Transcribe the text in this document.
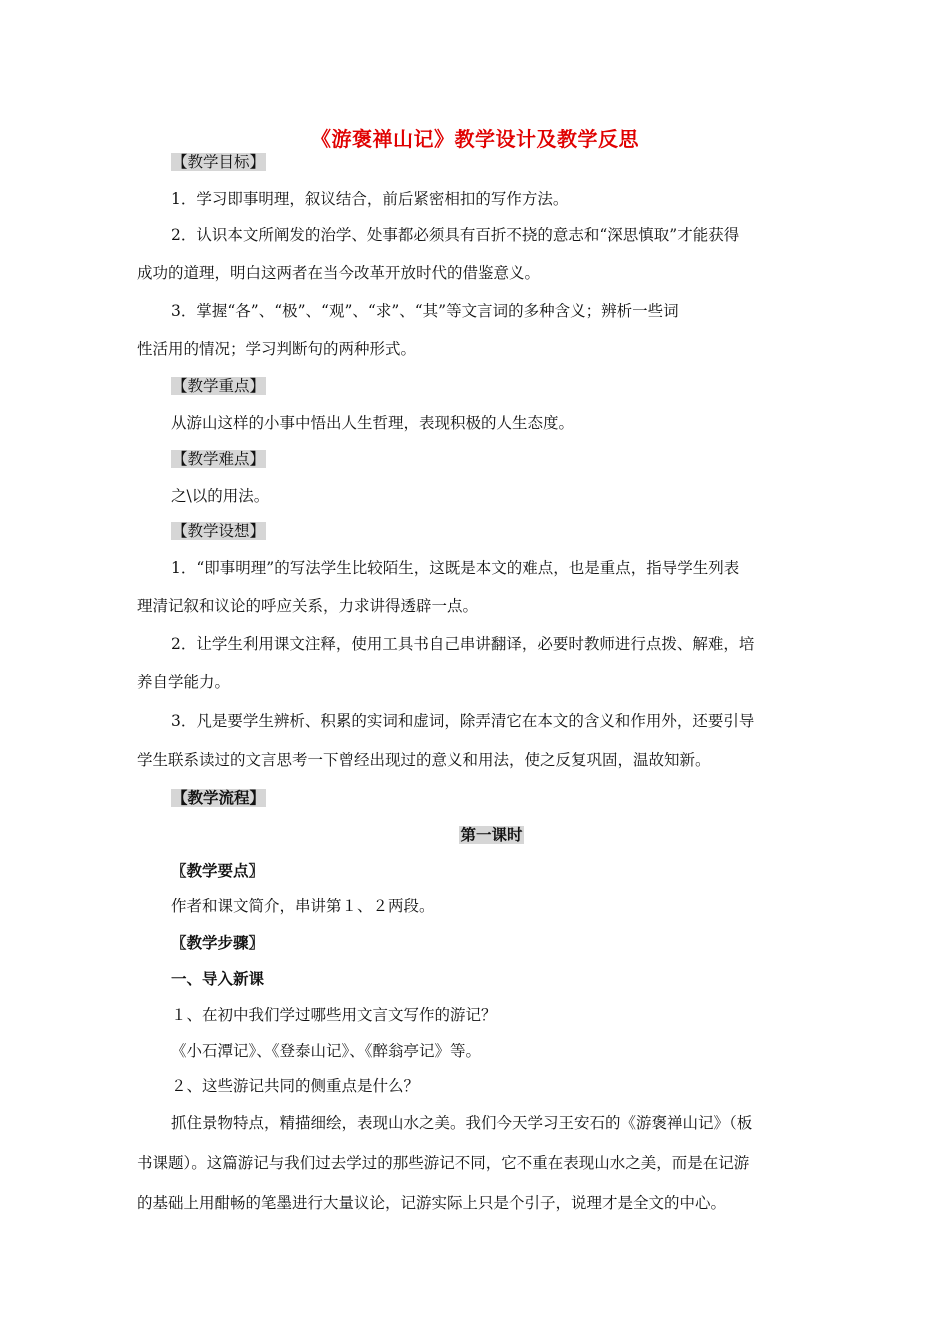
《游褒禅山记》教学设计及教学反思
【教学目标】
1．学习即事明理，叙议结合，前后紧密相扣的写作方法。
2．认识本文所阐发的治学、处事都必须具有百折不挠的意志和“深思慎取”才能获得
成功的道理，明白这两者在当今改革开放时代的借鉴意义。
3．掌握“各”、“极”、“观”、“求”、“其”等文言词的多种含义；辨析一些词
性活用的情况；学习判断句的两种形式。
【教学重点】
从游山这样的小事中悟出人生哲理，表现积极的人生态度。
【教学难点】
之\以的用法。
【教学设想】
1．“即事明理”的写法学生比较陌生，这既是本文的难点，也是重点，指导学生列表
理清记叙和议论的呼应关系，力求讲得透辟一点。
2．让学生利用课文注释，使用工具书自己串讲翻译，必要时教师进行点拨、解难，培
养自学能力。
3．凡是要学生辨析、积累的实词和虚词，除弄清它在本文的含义和作用外，还要引导
学生联系读过的文言思考一下曾经出现过的意义和用法，使之反复巩固，温故知新。
【教学流程】
第一课时
〖教学要点〗
作者和课文简介，串讲第１、２两段。
〖教学步骤〗
一、导入新课
１、在初中我们学过哪些用文言文写作的游记？
《小石潭记》、《登泰山记》、《醉翁亭记》等。
２、这些游记共同的侧重点是什么？
抓住景物特点，精描细绘，表现山水之美。我们今天学习王安石的《游褒禅山记》（板
书课题）。这篇游记与我们过去学过的那些游记不同，它不重在表现山水之美，而是在记游
的基础上用酣畅的笔墨进行大量议论，记游实际上只是个引子，说理才是全文的中心。
